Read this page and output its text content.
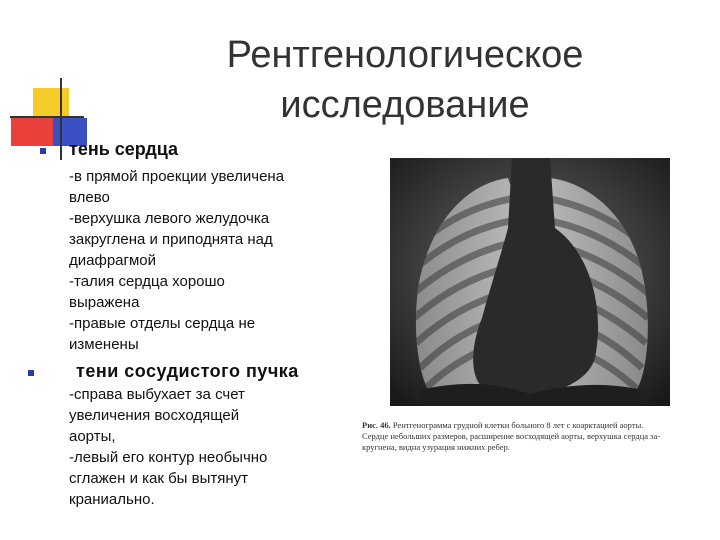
Рентгенологическое
исследование
тень сердца
-в прямой проекции увеличена
влево
-верхушка левого желудочка
закруглена и приподнята над
диафрагмой
-талия сердца хорошо
выражена
-правые отделы сердца не
изменены
тени сосудистого пучка
-справа выбухает за счет
увеличения восходящей
аорты,
-левый его контур необычно
сглажен и как бы вытянут
краниально.
Рис. 46. Рентгенограмма грудной клетки больного 8 лет с коарктацией аорты.
Сердце небольших размеров, расширение восходящей аорты, верхушка сердца за-
кругнена, видна узурация нижних ребер.
